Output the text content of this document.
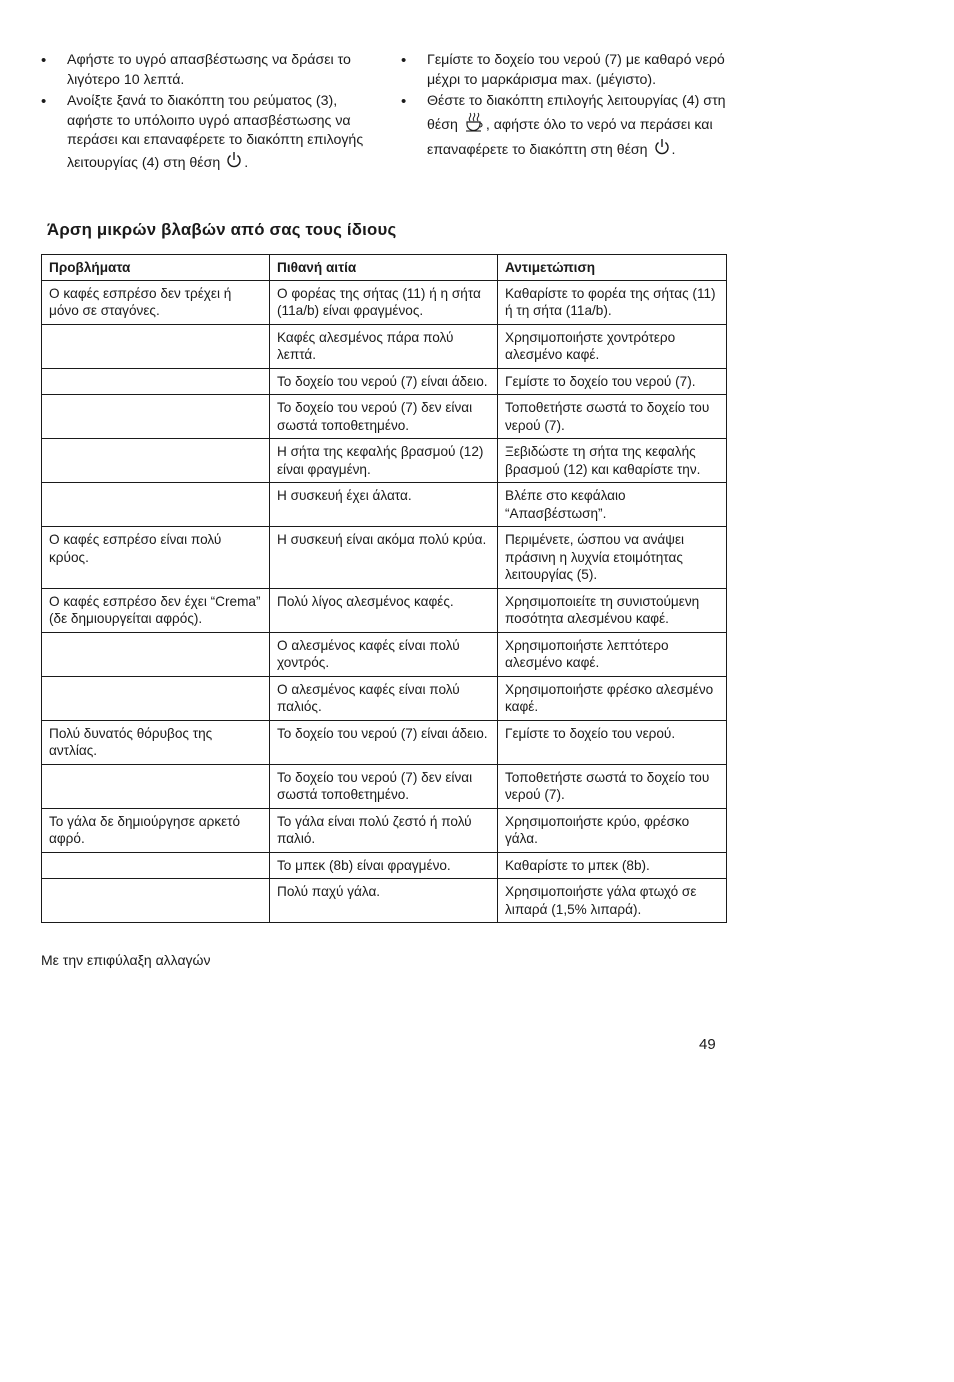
• Αφήστε το υγρό απασβέστωσης να δράσει το λιγότερο 10 λεπτά.
• Ανοίξτε ξανά το διακόπτη του ρεύματος (3), αφήστε το υπόλοιπο υγρό απασβέστωσης να περάσει και επαναφέρετε το διακόπτη επιλογής λειτουργίας (4) στη θέση .
• Γεμίστε το δοχείο του νερού (7) με καθαρό νερό μέχρι το μαρκάρισμα max. (μέγιστο).
• Θέστε το διακόπτη επιλογής λειτουργίας (4) στη θέση , αφήστε όλο το νερό να περάσει και επαναφέρετε το διακόπτη στη θέση .
Άρση μικρών βλαβών από σας τους ίδιους
Προβλήματα	Πιθανή αιτία	Αντιμετώπιση
Ο καφές εσπρέσο δεν τρέχει ή μόνο σε σταγόνες.	Ο φορέας της σήτας (11) ή η σήτα (11a/b) είναι φραγμένος.	Καθαρίστε το φορέα της σήτας (11) ή τη σήτα (11a/b).
	Καφές αλεσμένος πάρα πολύ λεπτά.	Χρησιμοποιήστε χοντρότερο αλεσμένο καφέ.
	Το δοχείο του νερού (7) είναι άδειο.	Γεμίστε το δοχείο του νερού (7).
	Το δοχείο του νερού (7) δεν είναι σωστά τοποθετημένο.	Τοποθετήστε σωστά το δοχείο του νερού (7).
	Η σήτα της κεφαλής βρασμού (12) είναι φραγμένη.	Ξεβιδώστε τη σήτα της κεφαλής βρασμού (12) και καθαρίστε την.
	Η συσκευή έχει άλατα.	Βλέπε στο κεφάλαιο “Απασβέστωση”.
Ο καφές εσπρέσο είναι πολύ κρύος.	Η συσκευή είναι ακόμα πολύ κρύα.	Περιμένετε, ώσπου να ανάψει πράσινη η λυχνία ετοιμότητας λειτουργίας (5).
Ο καφές εσπρέσο δεν έχει “Crema” (δε δημιουργείται αφρός).	Πολύ λίγος αλεσμένος καφές.	Χρησιμοποιείτε τη συνιστούμενη ποσότητα αλεσμένου καφέ.
	Ο αλεσμένος καφές είναι πολύ χοντρός.	Χρησιμοποιήστε λεπτότερο αλεσμένο καφέ.
	Ο αλεσμένος καφές είναι πολύ παλιός.	Χρησιμοποιήστε φρέσκο αλεσμένο καφέ.
Πολύ δυνατός θόρυβος της αντλίας.	Το δοχείο του νερού (7) είναι άδειο.	Γεμίστε το δοχείο του νερού.
	Το δοχείο του νερού (7) δεν είναι σωστά τοποθετημένο.	Τοποθετήστε σωστά το δοχείο του νερού (7).
Το γάλα δε δημιούργησε αρκετό αφρό.	Το γάλα είναι πολύ ζεστό ή πολύ παλιό.	Χρησιμοποιήστε κρύο, φρέσκο γάλα.
	Το μπεκ (8b) είναι φραγμένο.	Καθαρίστε το μπεκ (8b).
	Πολύ παχύ γάλα.	Χρησιμοποιήστε γάλα φτωχό σε λιπαρά (1,5% λιπαρά).
Με την επιφύλαξη αλλαγών
49
